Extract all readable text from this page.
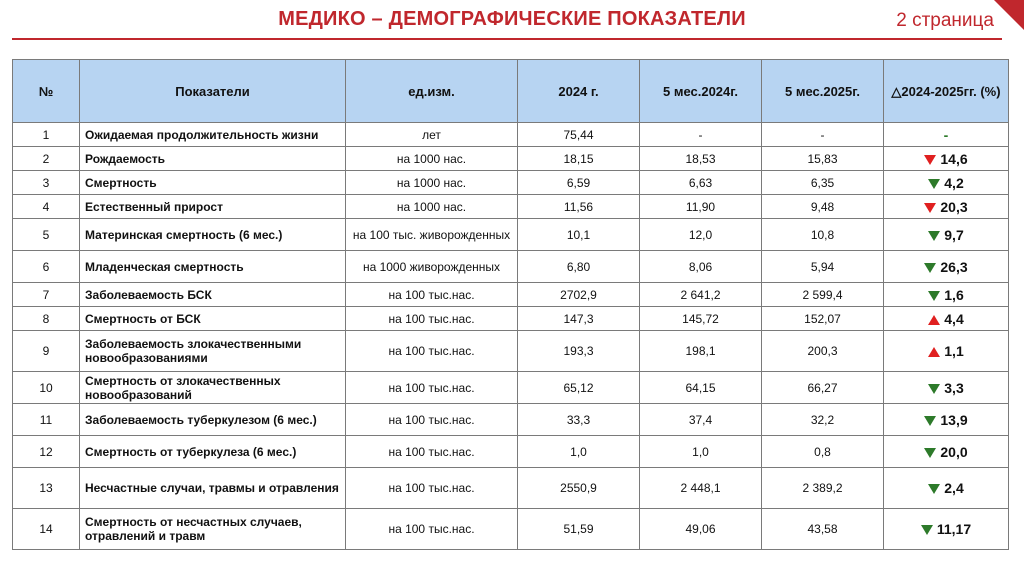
МЕДИКО – ДЕМОГРАФИЧЕСКИЕ ПОКАЗАТЕЛИ	2 страница
№	Показатели	ед.изм.	2024 г.	5 мес.2024г.	5 мес.2025г.	△2024-2025гг. (%)
1	Ожидаемая продолжительность жизни	лет	75,44	-	-	-
2	Рождаемость	на 1000 нас.	18,15	18,53	15,83	14,6
3	Смертность	на 1000 нас.	6,59	6,63	6,35	4,2
4	Естественный прирост	на 1000 нас.	11,56	11,90	9,48	20,3
5	Материнская смертность (6 мес.)	на 100 тыс. живорожденных	10,1	12,0	10,8	9,7
6	Младенческая смертность	на 1000 живорожденных	6,80	8,06	5,94	26,3
7	Заболеваемость БСК	на 100 тыс.нас.	2702,9	2 641,2	2 599,4	1,6
8	Смертность от БСК	на 100 тыс.нас.	147,3	145,72	152,07	4,4
9	Заболеваемость злокачественными новообразованиями	на 100 тыс.нас.	193,3	198,1	200,3	1,1
10	Смертность от злокачественных новообразований	на 100 тыс.нас.	65,12	64,15	66,27	3,3
11	Заболеваемость туберкулезом (6 мес.)	на 100 тыс.нас.	33,3	37,4	32,2	13,9
12	Смертность от туберкулеза (6 мес.)	на 100 тыс.нас.	1,0	1,0	0,8	20,0
13	Несчастные случаи, травмы и отравления	на 100 тыс.нас.	2550,9	2 448,1	2 389,2	2,4
14	Смертность от несчастных случаев, отравлений и травм	на 100 тыс.нас.	51,59	49,06	43,58	11,17
